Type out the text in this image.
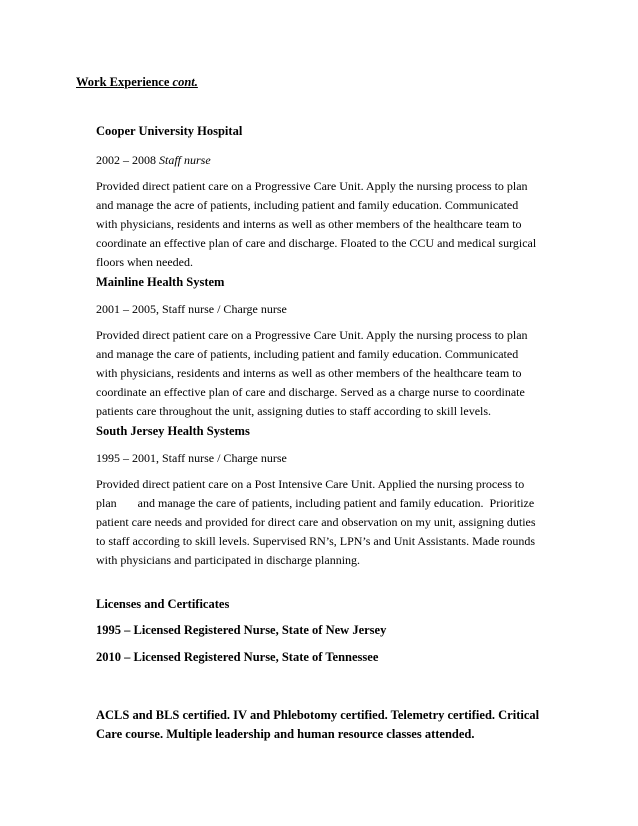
Work Experience cont.
Cooper University Hospital
2002 – 2008 Staff nurse
Provided direct patient care on a Progressive Care Unit. Apply the nursing process to plan
and manage the acre of patients, including patient and family education. Communicated
with physicians, residents and interns as well as other members of the healthcare team to
coordinate an effective plan of care and discharge. Floated to the CCU and medical surgical
floors when needed.
Mainline Health System
2001 – 2005, Staff nurse / Charge nurse
Provided direct patient care on a Progressive Care Unit. Apply the nursing process to plan
and manage the care of patients, including patient and family education. Communicated
with physicians, residents and interns as well as other members of the healthcare team to
coordinate an effective plan of care and discharge. Served as a charge nurse to coordinate
patients care throughout the unit, assigning duties to staff according to skill levels.
South Jersey Health Systems
1995 – 2001, Staff nurse / Charge nurse
Provided direct patient care on a Post Intensive Care Unit. Applied the nursing process to
plan       and manage the care of patients, including patient and family education.  Prioritize
patient care needs and provided for direct care and observation on my unit, assigning duties
to staff according to skill levels. Supervised RN’s, LPN’s and Unit Assistants. Made rounds
with physicians and participated in discharge planning.
Licenses and Certificates
1995 – Licensed Registered Nurse, State of New Jersey
2010 – Licensed Registered Nurse, State of Tennessee
ACLS and BLS certified. IV and Phlebotomy certified. Telemetry certified. Critical
Care course. Multiple leadership and human resource classes attended.
